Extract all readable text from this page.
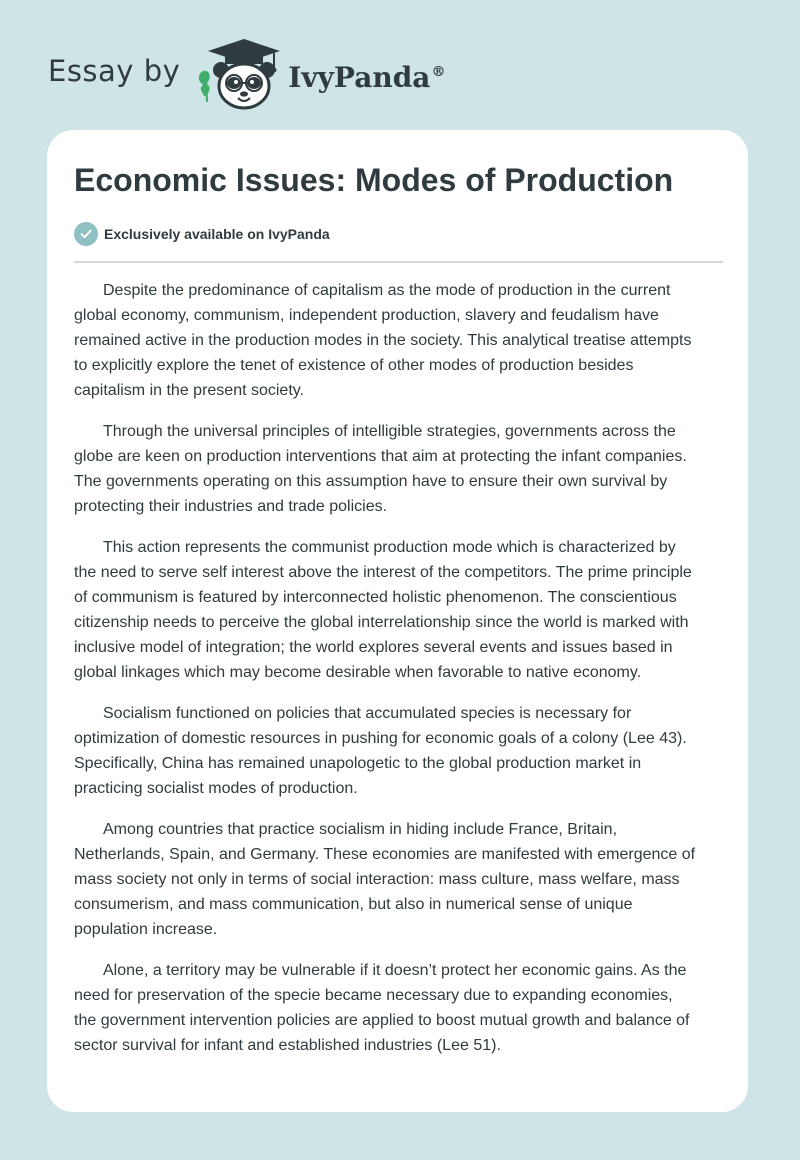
Essay by	IvyPanda®
Economic Issues: Modes of Production
Exclusively available on IvyPanda

Despite the predominance of capitalism as the mode of production in the current
global economy, communism, independent production, slavery and feudalism have
remained active in the production modes in the society. This analytical treatise attempts
to explicitly explore the tenet of existence of other modes of production besides
capitalism in the present society.

Through the universal principles of intelligible strategies, governments across the
globe are keen on production interventions that aim at protecting the infant companies.
The governments operating on this assumption have to ensure their own survival by
protecting their industries and trade policies.

This action represents the communist production mode which is characterized by
the need to serve self interest above the interest of the competitors. The prime principle
of communism is featured by interconnected holistic phenomenon. The conscientious
citizenship needs to perceive the global interrelationship since the world is marked with
inclusive model of integration; the world explores several events and issues based in
global linkages which may become desirable when favorable to native economy.

Socialism functioned on policies that accumulated species is necessary for
optimization of domestic resources in pushing for economic goals of a colony (Lee 43).
Specifically, China has remained unapologetic to the global production market in
practicing socialist modes of production.

Among countries that practice socialism in hiding include France, Britain,
Netherlands, Spain, and Germany. These economies are manifested with emergence of
mass society not only in terms of social interaction: mass culture, mass welfare, mass
consumerism, and mass communication, but also in numerical sense of unique
population increase.

Alone, a territory may be vulnerable if it doesn’t protect her economic gains. As the
need for preservation of the specie became necessary due to expanding economies,
the government intervention policies are applied to boost mutual growth and balance of
sector survival for infant and established industries (Lee 51).
